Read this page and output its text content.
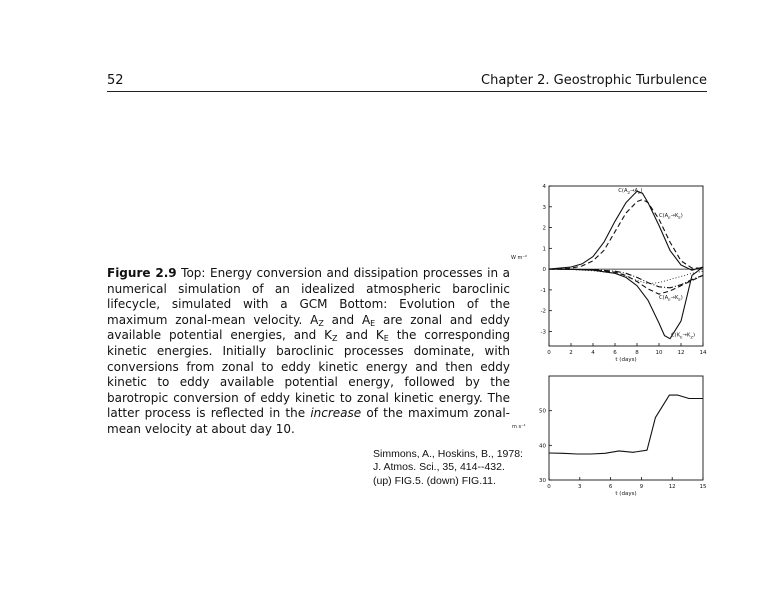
52	Chapter 2. Geostrophic Turbulence
Figure 2.9 Top: Energy conversion and dissipation processes in a numerical simulation of an idealized atmospheric baroclinic lifecycle, simulated with a GCM Bottom: Evolution of the maximum zonal-mean velocity. $A_Z$ and $A_E$ are zonal and eddy available potential energies, and $K_Z$ and $K_E$ the corresponding kinetic energies. Initially baroclinic processes dominate, with conversions from zonal to eddy kinetic energy and then eddy kinetic to eddy available potential energy, followed by the barotropic conversion of eddy kinetic to zonal kinetic energy. The latter process is reflected in the increase of the maximum zonal-mean velocity at about day 10.
Simmons, A., Hoskins, B., 1978:
J. Atmos. Sci., 35, 414--432.
(up) FIG.5. (down) FIG.11.
4
3
2
1
0
-1
-2
-3
0	2	4	6	8	10	12	14
t (days)
W m⁻²
$C(A_Z\to A_E)$
$C(A_E\to K_E)$
$C(K_E\to K_Z)$
$C(A_E\to K_E)$
50
40
30
0	3	6	9	12	15
t (days)
m s⁻¹
